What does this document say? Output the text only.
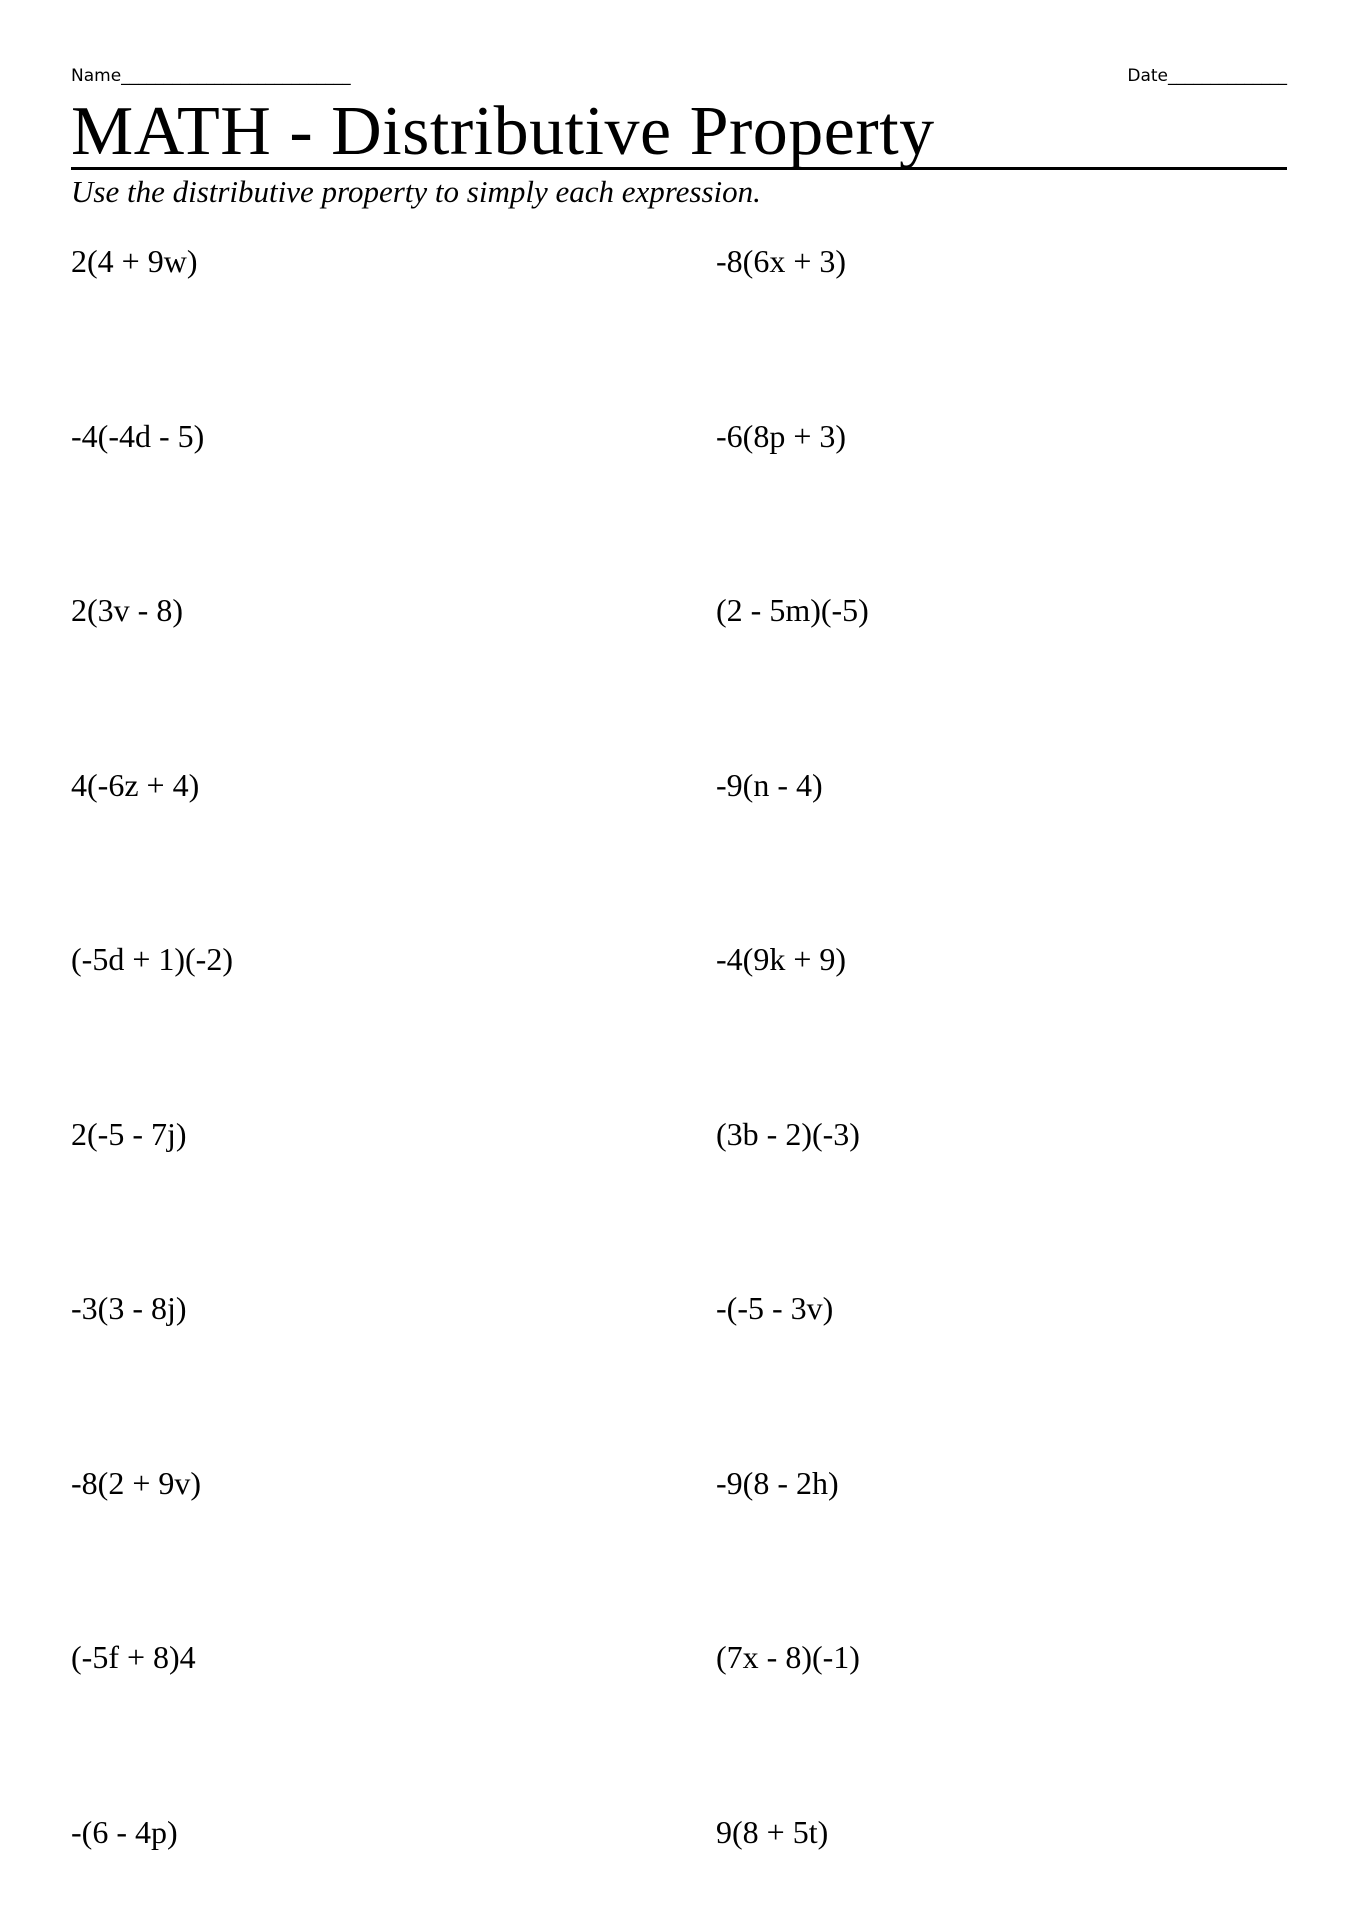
Name___________________________	Date______________
MATH - Distributive Property
Use the distributive property to simply each expression.
2(4 + 9w)
-4(-4d - 5)
2(3v - 8)
4(-6z + 4)
(-5d + 1)(-2)
2(-5 - 7j)
-3(3 - 8j)
-8(2 + 9v)
(-5f + 8)4
-(6 - 4p)
-8(6x + 3)
-6(8p + 3)
(2 - 5m)(-5)
-9(n - 4)
-4(9k + 9)
(3b - 2)(-3)
-(-5 - 3v)
-9(8 - 2h)
(7x - 8)(-1)
9(8 + 5t)
